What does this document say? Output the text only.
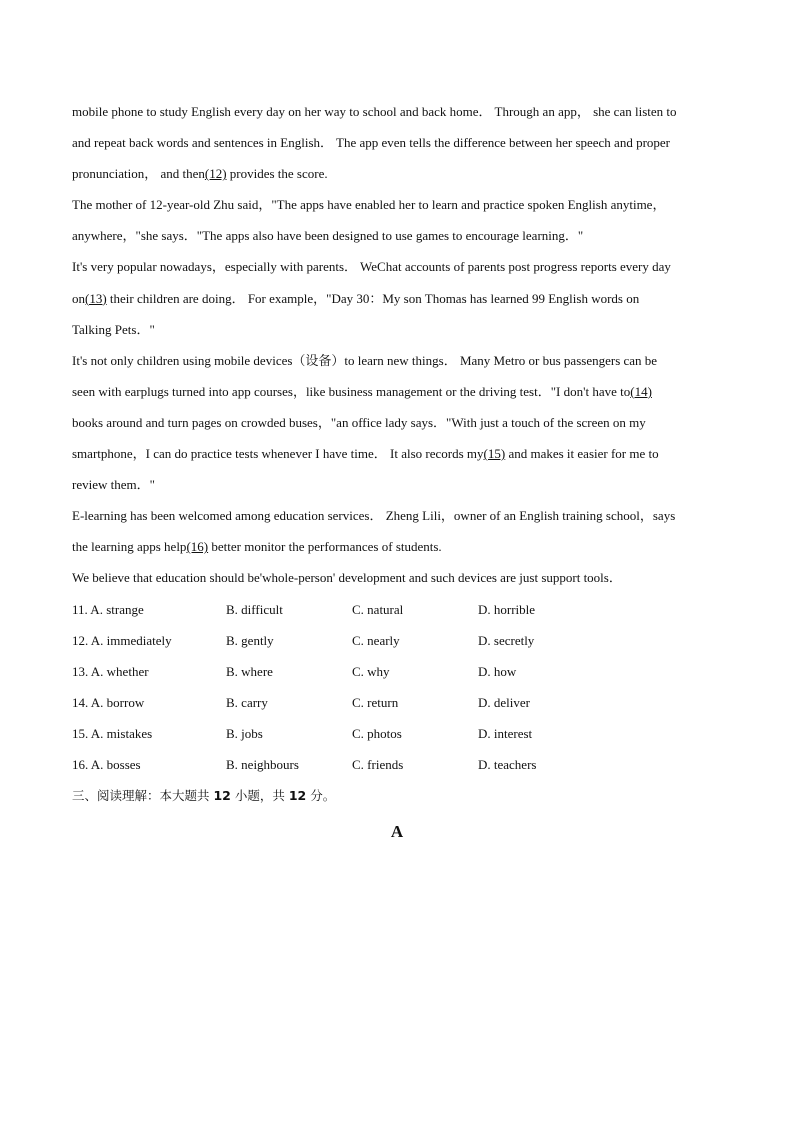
mobile phone to study English every day on her way to school and back home． Through an app， she can listen to
and repeat back words and sentences in English． The app even tells the difference between her speech and proper
pronunciation， and then(12) provides the score.
The mother of 12-year-old Zhu said，"The apps have enabled her to learn and practice spoken English anytime，
anywhere，"she says．"The apps also have been designed to use games to encourage learning．"
It's very popular nowadays，especially with parents． WeChat accounts of parents post progress reports every day
on(13) their children are doing． For example，"Day 30：My son Thomas has learned 99 English words on
Talking Pets．"
It's not only children using mobile devices（设备）to learn new things． Many Metro or bus passengers can be
seen with earplugs turned into app courses，like business management or the driving test．"I don't have to(14)
books around and turn pages on crowded buses，"an office lady says．"With just a touch of the screen on my
smartphone，I can do practice tests whenever I have time． It also records my(15) and makes it easier for me to
review them．"
E-learning has been welcomed among education services． Zheng Lili，owner of an English training school，says
the learning apps help(16) better monitor the performances of students.
We believe that education should be'whole-person' development and such devices are just support tools．
11. A. strange	B. difficult	C. natural	D. horrible
12. A. immediately	B. gently	C. nearly	D. secretly
13. A. whether	B. where	C. why	D. how
14. A. borrow	B. carry	C. return	D. deliver
15. A. mistakes	B. jobs	C. photos	D. interest
16. A. bosses	B. neighbours	C. friends	D. teachers
三、阅读理解：本大题共 12 小题，共 12 分。
A
